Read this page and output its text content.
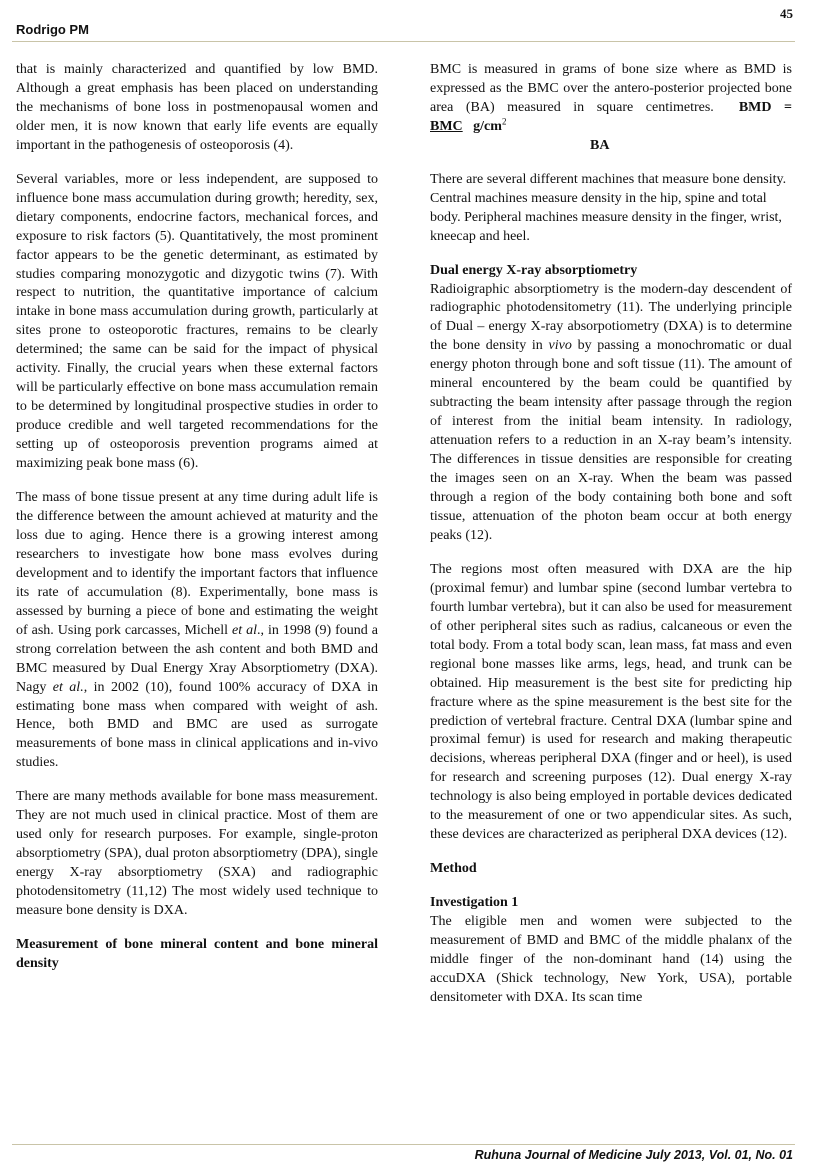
45
Rodrigo PM

that is mainly characterized and quantified by low BMD. Although a great emphasis has been placed on understanding the mechanisms of bone loss in postmenopausal women and older men, it is now known that early life events are equally important in the pathogenesis of osteoporosis (4).

Several variables, more or less independent, are supposed to influence bone mass accumulation during growth; heredity, sex, dietary components, endocrine factors, mechanical forces, and exposure to risk factors (5). Quantitatively, the most prominent factor appears to be the genetic determinant, as estimated by studies comparing monozygotic and dizygotic twins (7). With respect to nutrition, the quantitative importance of calcium intake in bone mass accumulation during growth, particularly at sites prone to osteoporotic fractures, remains to be clearly determined; the same can be said for the impact of physical activity. Finally, the crucial years when these external factors will be particularly effective on bone mass accumulation remain to be determined by longitudinal prospective studies in order to produce credible and well targeted recommendations for the setting up of osteoporosis prevention programs aimed at maximizing peak bone mass (6).

The mass of bone tissue present at any time during adult life is the difference between the amount achieved at maturity and the loss due to aging. Hence there is a growing interest among researchers to investigate how bone mass evolves during development and to identify the important factors that influence its rate of accumulation (8). Experimentally, bone mass is assessed by burning a piece of bone and estimating the weight of ash. Using pork carcasses, Michell et al., in 1998 (9) found a strong correlation between the ash content and both BMD and BMC measured by Dual Energy Xray Absorptiometry (DXA). Nagy et al., in 2002 (10), found 100% accuracy of DXA in estimating bone mass when compared with weight of ash. Hence, both BMD and BMC are used as surrogate measurements of bone mass in clinical applications and in-vivo studies.

There are many methods available for bone mass measurement. They are not much used in clinical practice. Most of them are used only for research purposes. For example, single-proton absorptiometry (SPA), dual proton absorptiometry (DPA), single energy X-ray absorptiometry (SXA) and radiographic photodensitometry (11,12) The most widely used technique to measure bone density is DXA.

Measurement of bone mineral content and bone mineral density

BMC is measured in grams of bone size where as BMD is expressed as the BMC over the antero-posterior projected bone area (BA) measured in square centimetres. BMD = BMC $g/cm^2$

BA

There are several different machines that measure bone density. Central machines measure density in the hip, spine and total body. Peripheral machines measure density in the finger, wrist, kneecap and heel.

Dual energy X-ray absorptiometry

Radioigraphic absorptiometry is the modern-day descendent of radiographic photodensitometry (11). The underlying principle of Dual – energy X-ray absorpotiometry (DXA) is to determine the bone density in vivo by passing a monochromatic or dual energy photon through bone and soft tissue (11). The amount of mineral encountered by the beam could be quantified by subtracting the beam intensity after passage through the region of interest from the initial beam intensity. In radiology, attenuation refers to a reduction in an X-ray beam’s intensity. The differences in tissue densities are responsible for creating the images seen on an X-ray. When the beam was passed through a region of the body containing both bone and soft tissue, attenuation of the photon beam occur at both energy peaks (12).

The regions most often measured with DXA are the hip (proximal femur) and lumbar spine (second lumbar vertebra to fourth lumbar vertebra), but it can also be used for measurement of other peripheral sites such as radius, calcaneous or even the total body. From a total body scan, lean mass, fat mass and even regional bone masses like arms, legs, head, and trunk can be obtained. Hip measurement is the best site for predicting hip fracture where as the spine measurement is the best site for the prediction of vertebral fracture. Central DXA (lumbar spine and proximal femur) is used for research and making therapeutic decisions, whereas peripheral DXA (finger and or heel), is used for research and screening purposes (12). Dual energy X-ray technology is also being employed in portable devices dedicated to the measurement of one or two appendicular sites. As such, these devices are characterized as peripheral DXA devices (12).

Method

Investigation 1

The eligible men and women were subjected to the measurement of BMD and BMC of the middle phalanx of the middle finger of the non-dominant hand (14) using the accuDXA (Shick technology, New York, USA), portable densitometer with DXA. Its scan time

Ruhuna Journal of Medicine July 2013, Vol. 01, No. 01
